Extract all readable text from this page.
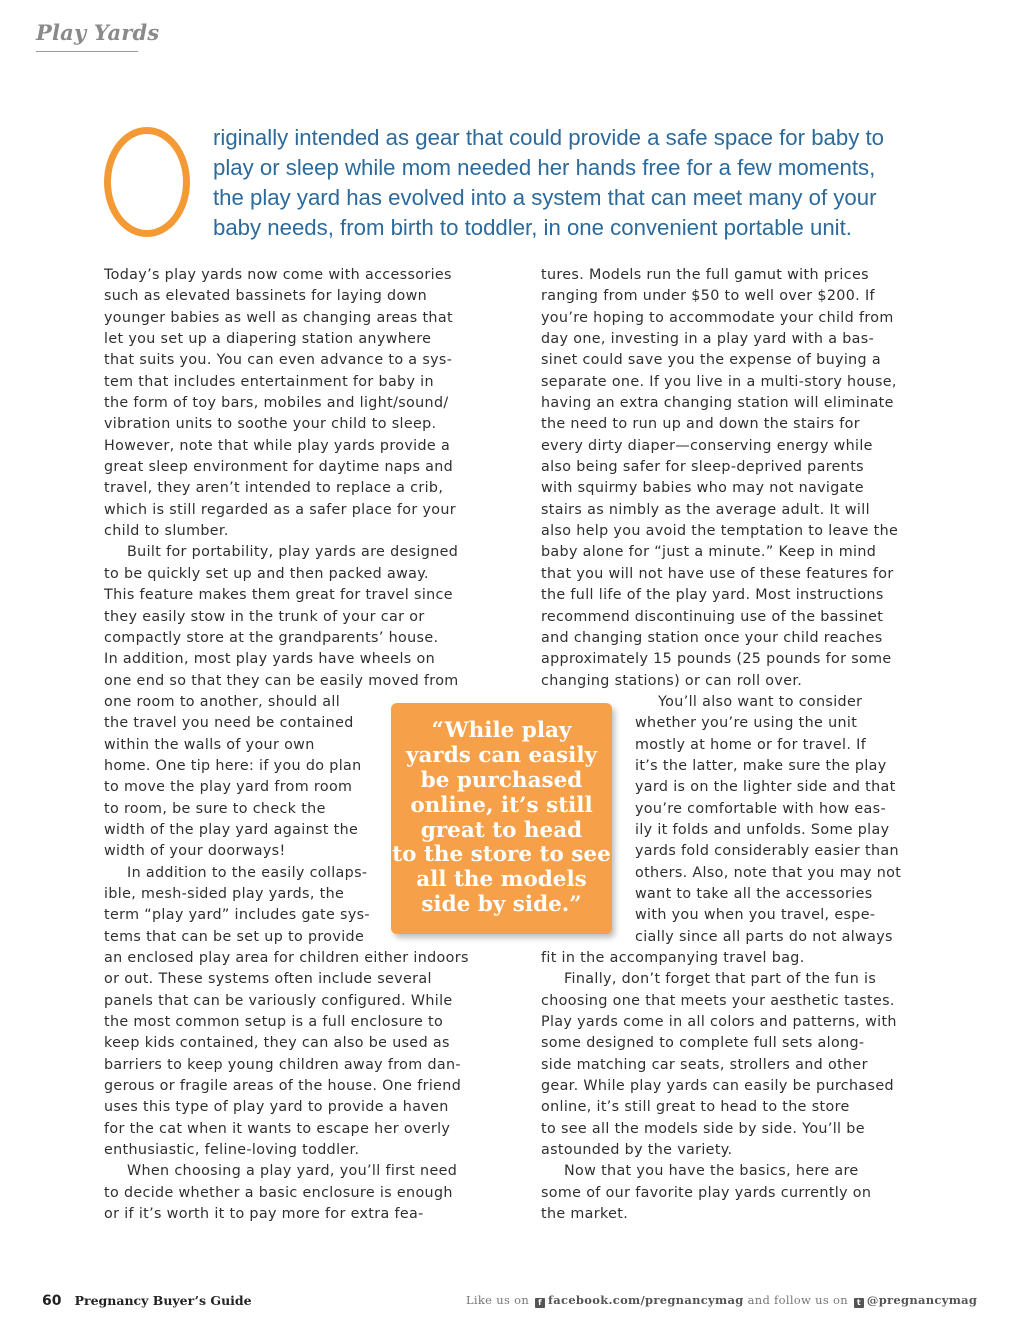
Play Yards
riginally intended as gear that could provide a safe space for baby to
play or sleep while mom needed her hands free for a few moments,
the play yard has evolved into a system that can meet many of your
baby needs, from birth to toddler, in one convenient portable unit.
Today’s play yards now come with accessories
such as elevated bassinets for laying down
younger babies as well as changing areas that
let you set up a diapering station anywhere
that suits you. You can even advance to a sys-
tem that includes entertainment for baby in
the form of toy bars, mobiles and light/sound/
vibration units to soothe your child to sleep.
However, note that while play yards provide a
great sleep environment for daytime naps and
travel, they aren’t intended to replace a crib,
which is still regarded as a safer place for your
child to slumber.
Built for portability, play yards are designed
to be quickly set up and then packed away.
This feature makes them great for travel since
they easily stow in the trunk of your car or
compactly store at the grandparents’ house.
In addition, most play yards have wheels on
one end so that they can be easily moved from
one room to another, should all
the travel you need be contained
within the walls of your own
home. One tip here: if you do plan
to move the play yard from room
to room, be sure to check the
width of the play yard against the
width of your doorways!
In addition to the easily collaps-
ible, mesh-sided play yards, the
term “play yard” includes gate sys-
tems that can be set up to provide
an enclosed play area for children either indoors
or out. These systems often include several
panels that can be variously configured. While
the most common setup is a full enclosure to
keep kids contained, they can also be used as
barriers to keep young children away from dan-
gerous or fragile areas of the house. One friend
uses this type of play yard to provide a haven
for the cat when it wants to escape her overly
enthusiastic, feline-loving toddler.
When choosing a play yard, you’ll first need
to decide whether a basic enclosure is enough
or if it’s worth it to pay more for extra fea-
tures. Models run the full gamut with prices
ranging from under $50 to well over $200. If
you’re hoping to accommodate your child from
day one, investing in a play yard with a bas-
sinet could save you the expense of buying a
separate one. If you live in a multi-story house,
having an extra changing station will eliminate
the need to run up and down the stairs for
every dirty diaper—conserving energy while
also being safer for sleep-deprived parents
with squirmy babies who may not navigate
stairs as nimbly as the average adult. It will
also help you avoid the temptation to leave the
baby alone for “just a minute.” Keep in mind
that you will not have use of these features for
the full life of the play yard. Most instructions
recommend discontinuing use of the bassinet
and changing station once your child reaches
approximately 15 pounds (25 pounds for some
changing stations) or can roll over.
You’ll also want to consider
whether you’re using the unit
mostly at home or for travel. If
it’s the latter, make sure the play
yard is on the lighter side and that
you’re comfortable with how eas-
ily it folds and unfolds. Some play
yards fold considerably easier than
others. Also, note that you may not
want to take all the accessories
with you when you travel, espe-
cially since all parts do not always
fit in the accompanying travel bag.
Finally, don’t forget that part of the fun is
choosing one that meets your aesthetic tastes.
Play yards come in all colors and patterns, with
some designed to complete full sets along-
side matching car seats, strollers and other
gear. While play yards can easily be purchased
online, it’s still great to head to the store
to see all the models side by side. You’ll be
astounded by the variety.
Now that you have the basics, here are
some of our favorite play yards currently on
the market.
“While play
yards can easily
be purchased
online, it’s still
great to head
to the store to see
all the models
side by side.”
60 Pregnancy Buyer’s Guide	Like us on f facebook.com/pregnancymag and follow us on t @pregnancymag
